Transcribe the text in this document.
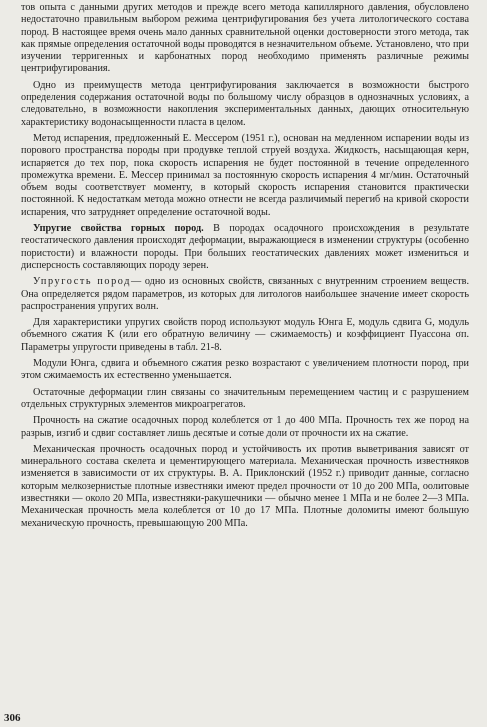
тов опыта с данными других методов и прежде всего метода капиллярного давления, обусловлено недостаточно правильным выбором режима центрифугирования без учета литологического состава пород. В настоящее время очень мало данных сравнительной оценки достоверности этого метода, так как прямые определения остаточной воды проводятся в незначительном объеме. Установлено, что при изучении терригенных и карбонатных пород необходимо применять различные режимы центрифугирования.

Одно из преимуществ метода центрифугирования заключается в возможности быстрого определения содержания остаточной воды по большому числу образцов в однозначных условиях, а следовательно, в возможности накопления экспериментальных данных, дающих относительную характеристику водонасыщенности пласта в целом.

Метод испарения, предложенный Е. Мессером (1951 г.), основан на медленном испарении воды из порового пространства породы при продувке теплой струей воздуха. Жидкость, насыщающая керн, испаряется до тех пор, пока скорость испарения не будет постоянной в течение определенного промежутка времени. Е. Мессер принимал за постоянную скорость испарения 4 мг/мин. Остаточный объем воды соответствует моменту, в который скорость испарения становится практически постоянной. К недостаткам метода можно отнести не всегда различимый перегиб на кривой скорости испарения, что затрудняет определение остаточной воды.

Упругие свойства горных пород. В породах осадочного происхождения в результате геостатического давления происходят деформации, выражающиеся в изменении структуры (особенно пористости) и влажности породы. При больших геостатических давлениях может измениться и дисперсность составляющих породу зерен.

Упругость пород— одно из основных свойств, связанных с внутренним строением веществ. Она определяется рядом параметров, из которых для литологов наибольшее значение имеет скорость распространения упругих волн.

Для характеристики упругих свойств пород используют модуль Юнга E, модуль сдвига G, модуль объемного сжатия K (или его обратную величину — сжимаемость) и коэффициент Пуассона σп. Параметры упругости приведены в табл. 21-8.

Модули Юнга, сдвига и объемного сжатия резко возрастают с увеличением плотности пород, при этом сжимаемость их естественно уменьшается.

Остаточные деформации глин связаны со значительным перемещением частиц и с разрушением отдельных структурных элементов микроагрегатов.

Прочность на сжатие осадочных пород колеблется от 1 до 400 МПа. Прочность тех же пород на разрыв, изгиб и сдвиг составляет лишь десятые и сотые доли от прочности их на сжатие.

Механическая прочность осадочных пород и устойчивость их против выветривания зависят от минерального состава скелета и цементирующего материала. Механическая прочность известняков изменяется в зависимости от их структуры. В. А. Приклонский (1952 г.) приводит данные, согласно которым мелкозернистые плотные известняки имеют предел прочности от 10 до 200 МПа, оолитовые известняки — около 20 МПа, известняки-ракушечники — обычно менее 1 МПа и не более 2—3 МПа. Механическая прочность мела колеблется от 10 до 17 МПа. Плотные доломиты имеют большую механическую прочность, превышающую 200 МПа.

306
